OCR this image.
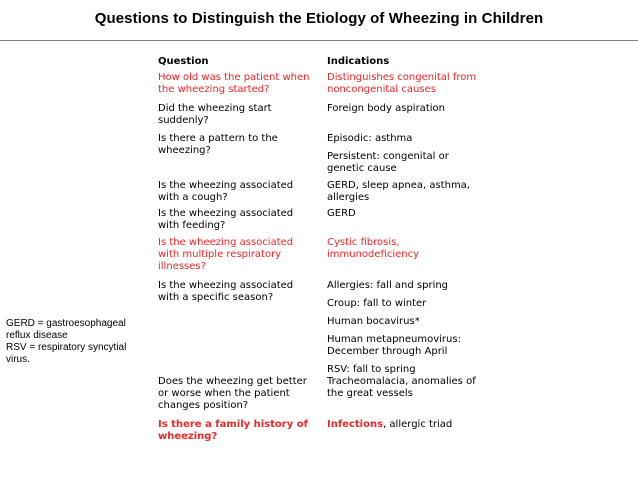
Questions to Distinguish the Etiology of Wheezing in Children
GERD = gastroesophageal
reflux disease
RSV = respiratory syncytial
virus.
Question	Indications
How old was the patient when
the wheezing started?
Distinguishes congenital from
noncongenital causes
Did the wheezing start
suddenly?
Foreign body aspiration
Is there a pattern to the
wheezing?
Episodic: asthma
Persistent: congenital or
genetic cause
Is the wheezing associated
with a cough?
GERD, sleep apnea, asthma,
allergies
Is the wheezing associated
with feeding?
GERD
Is the wheezing associated
with multiple respiratory
illnesses?
Cystic fibrosis,
immunodeficiency
Is the wheezing associated
with a specific season?
Allergies: fall and spring
Croup: fall to winter
Human bocavirus*
Human metapneumovirus:
December through April
RSV: fall to spring
Does the wheezing get better
or worse when the patient
changes position?
Tracheomalacia, anomalies of
the great vessels
Is there a family history of
wheezing?
Infections, allergic triad
